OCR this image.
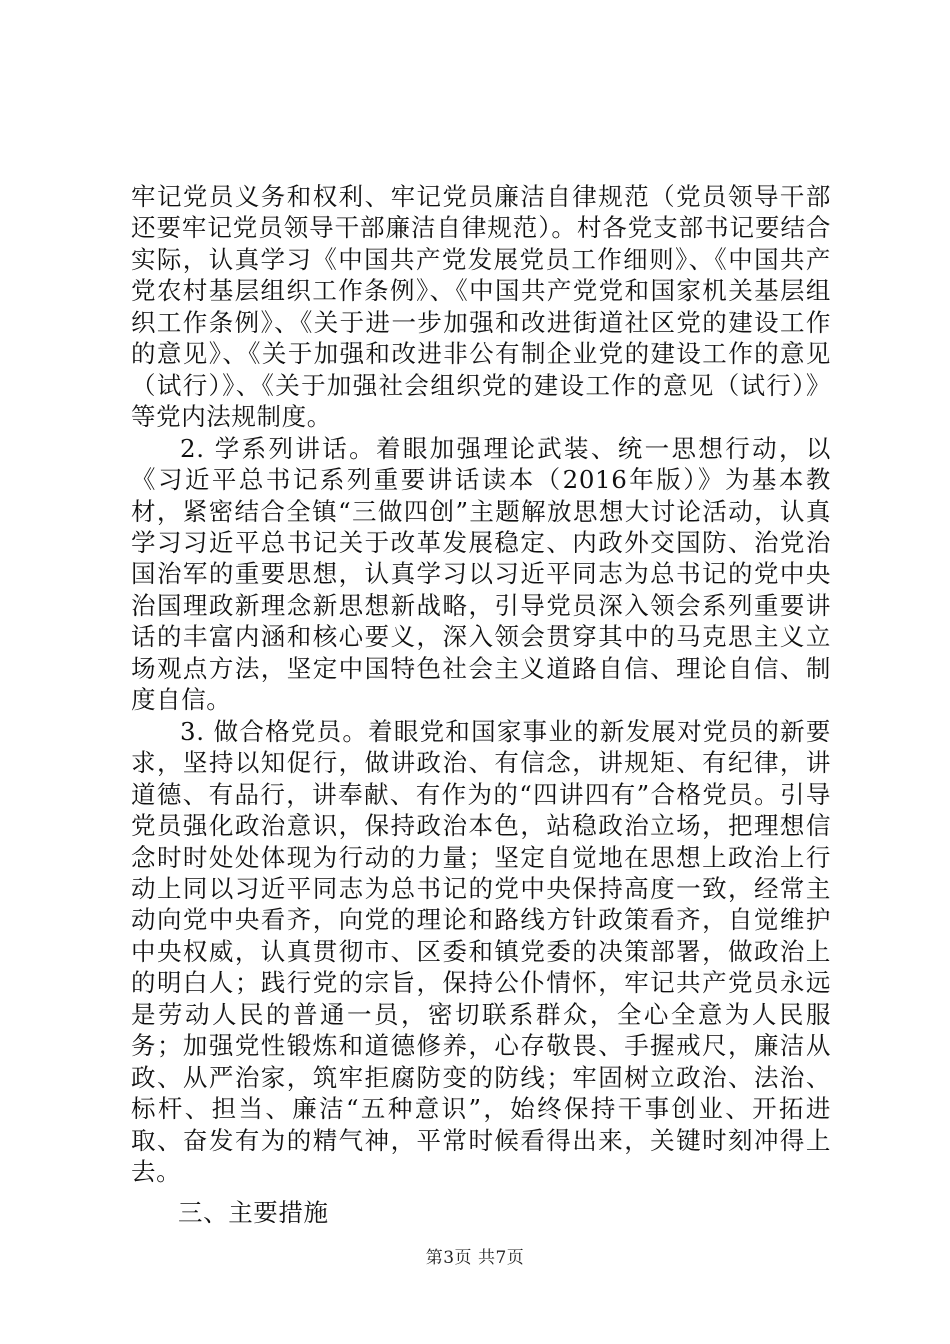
牢记党员义务和权利、牢记党员廉洁自律规范（党员领导干部还要牢记党员领导干部廉洁自律规范）。村各党支部书记要结合实际，认真学习《中国共产党发展党员工作细则》、《中国共产党农村基层组织工作条例》、《中国共产党党和国家机关基层组织工作条例》、《关于进一步加强和改进街道社区党的建设工作的意见》、《关于加强和改进非公有制企业党的建设工作的意见（试行）》、《关于加强社会组织党的建设工作的意见（试行）》等党内法规制度。

2. 学系列讲话。着眼加强理论武装、统一思想行动，以《习近平总书记系列重要讲话读本（2016年版）》为基本教材，紧密结合全镇“三做四创”主题解放思想大讨论活动，认真学习习近平总书记关于改革发展稳定、内政外交国防、治党治国治军的重要思想，认真学习以习近平同志为总书记的党中央治国理政新理念新思想新战略，引导党员深入领会系列重要讲话的丰富内涵和核心要义，深入领会贯穿其中的马克思主义立场观点方法，坚定中国特色社会主义道路自信、理论自信、制度自信。

3. 做合格党员。着眼党和国家事业的新发展对党员的新要求，坚持以知促行，做讲政治、有信念，讲规矩、有纪律，讲道德、有品行，讲奉献、有作为的“四讲四有”合格党员。引导党员强化政治意识，保持政治本色，站稳政治立场，把理想信念时时处处体现为行动的力量；坚定自觉地在思想上政治上行动上同以习近平同志为总书记的党中央保持高度一致，经常主动向党中央看齐，向党的理论和路线方针政策看齐，自觉维护中央权威，认真贯彻市、区委和镇党委的决策部署，做政治上的明白人；践行党的宗旨，保持公仆情怀，牢记共产党员永远是劳动人民的普通一员，密切联系群众，全心全意为人民服务；加强党性锻炼和道德修养，心存敬畏、手握戒尺，廉洁从政、从严治家，筑牢拒腐防变的防线；牢固树立政治、法治、标杆、担当、廉洁“五种意识”，始终保持干事创业、开拓进取、奋发有为的精气神，平常时候看得出来，关键时刻冲得上去。

三、主要措施

第3页 共7页
